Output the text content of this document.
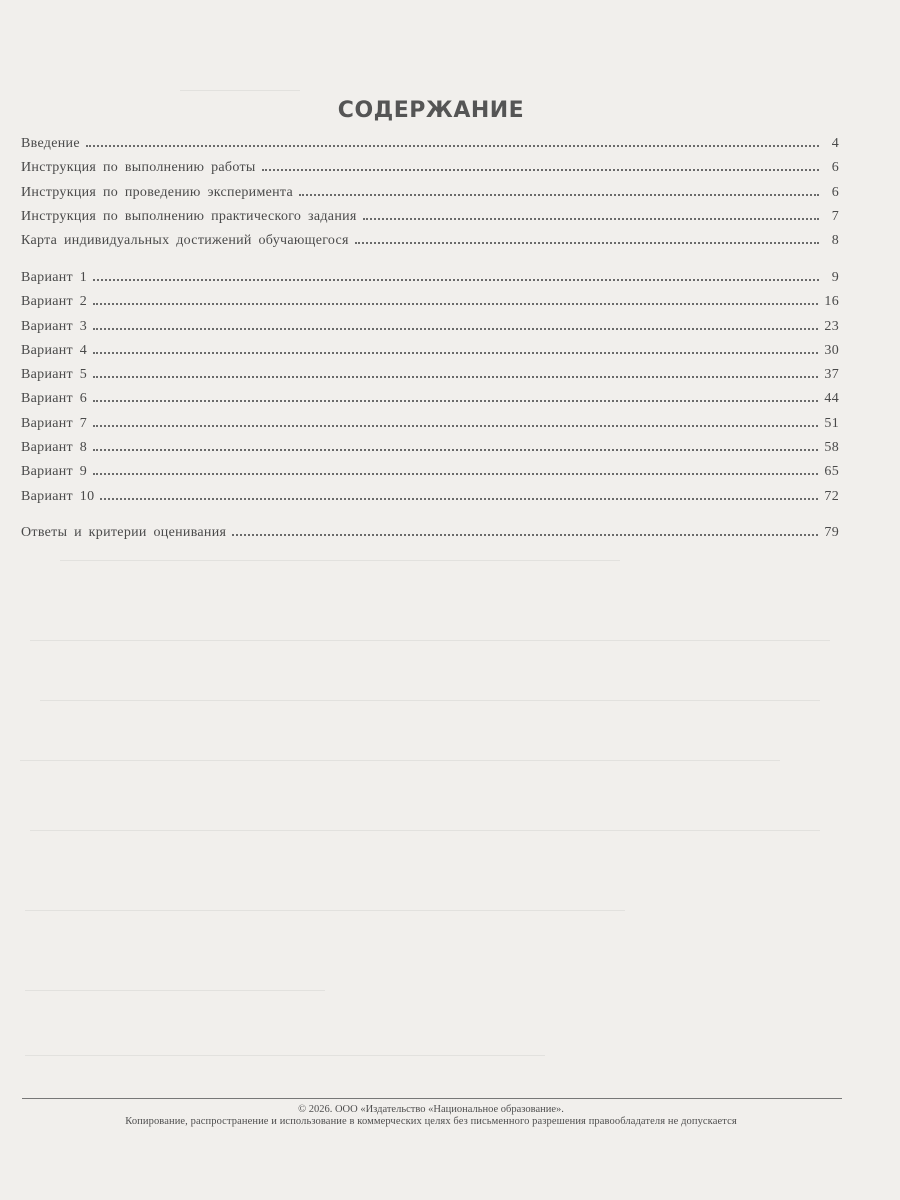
СОДЕРЖАНИЕ
Введение	4
Инструкция по выполнению работы	6
Инструкция по проведению эксперимента	6
Инструкция по выполнению практического задания	7
Карта индивидуальных достижений обучающегося	8
Вариант 1	9
Вариант 2	16
Вариант 3	23
Вариант 4	30
Вариант 5	37
Вариант 6	44
Вариант 7	51
Вариант 8	58
Вариант 9	65
Вариант 10	72
Ответы и критерии оценивания	79
© 2026. ООО «Издательство «Национальное образование».
Копирование, распространение и использование в коммерческих целях без письменного разрешения правообладателя не допускается
